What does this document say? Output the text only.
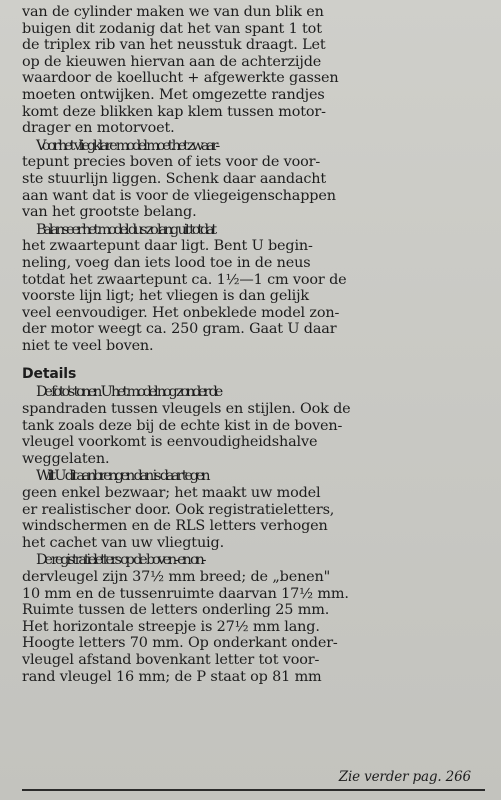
van de cylinder maken we van dun blik en
buigen dit zodanig dat het van spant 1 tot
de triplex rib van het neusstuk draagt. Let
op de kieuwen hiervan aan de achterzijde
waardoor de koellucht + afgewerkte gassen
moeten ontwijken. Met omgezette randjes
komt deze blikken kap klem tussen motor-
drager en motorvoet.
Voor het vliegklare model moet het zwaar-
tepunt precies boven of iets voor de voor-
ste stuurlijn liggen. Schenk daar aandacht
aan want dat is voor de vliegeigenschappen
van het grootste belang.
Balanseer het model dus zo lang uit totdat
het zwaartepunt daar ligt. Bent U begin-
neling, voeg dan iets lood toe in de neus
totdat het zwaartepunt ca. 1½—1 cm voor de
voorste lijn ligt; het vliegen is dan gelijk
veel eenvoudiger. Het onbeklede model zon-
der motor weegt ca. 250 gram. Gaat U daar
niet te veel boven.
Details
De foto's tonen U het model nog zonder de
spandraden tussen vleugels en stijlen. Ook de
tank zoals deze bij de echte kist in de boven-
vleugel voorkomt is eenvoudigheidshalve
weggelaten.
Wilt U dit aanbrengen dan is daar tegen
geen enkel bezwaar; het maakt uw model
er realistischer door. Ook registratieletters,
windschermen en de RLS letters verhogen
het cachet van uw vliegtuig.
De registratieletters op de boven- en on-
dervleugel zijn 37½ mm breed; de „benen"
10 mm en de tussenruimte daarvan 17½ mm.
Ruimte tussen de letters onderling 25 mm.
Het horizontale streepje is 27½ mm lang.
Hoogte letters 70 mm. Op onderkant onder-
vleugel afstand bovenkant letter tot voor-
rand vleugel 16 mm; de P staat op 81 mm
Zie verder pag. 266
